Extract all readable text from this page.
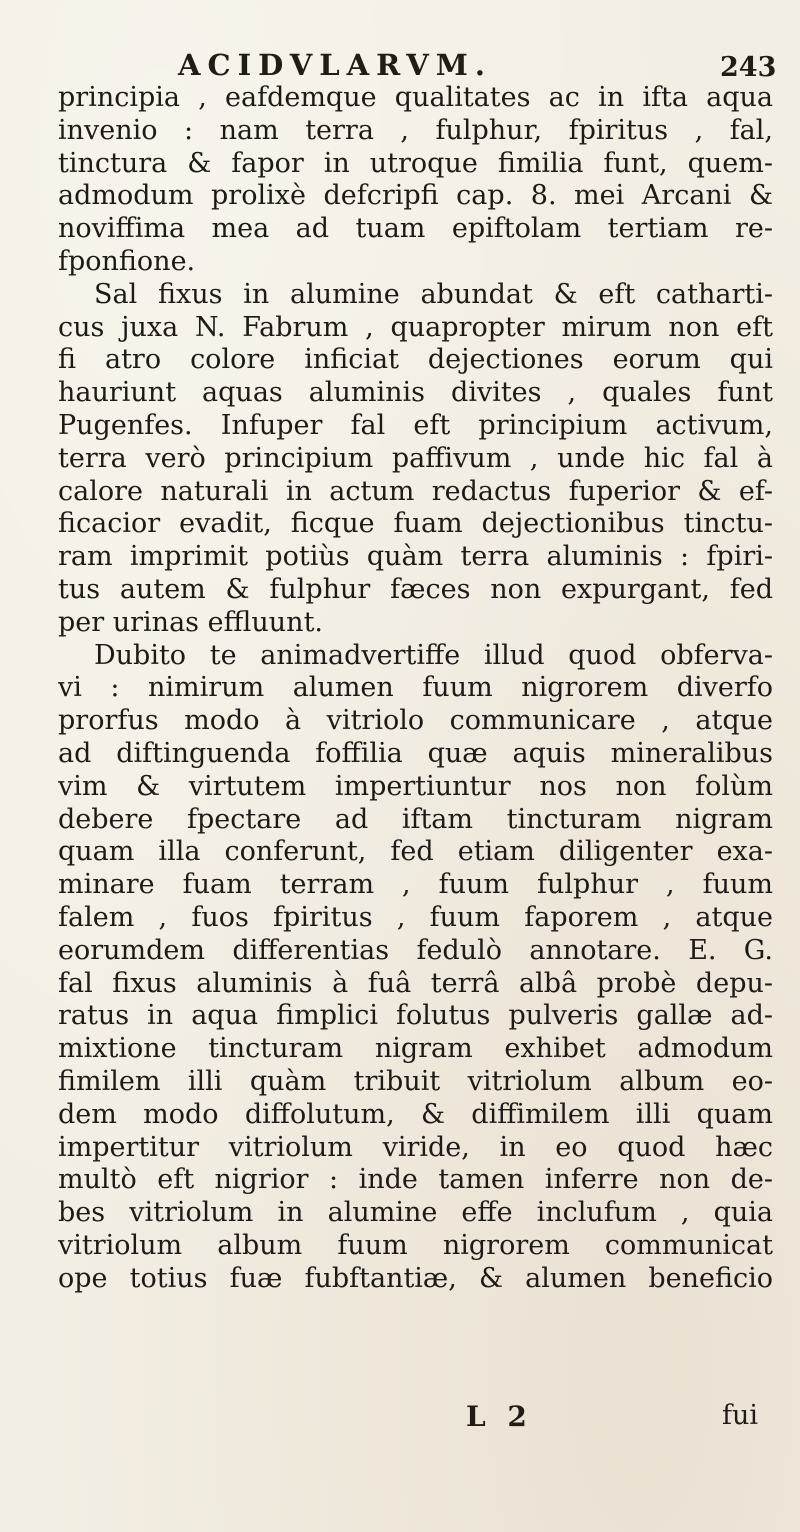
ACIDVLARVM.	243
principia , eafdemque qualitates ac in ifta aqua
invenio : nam terra , fulphur, fpiritus , fal,
tinctura & fapor in utroque fimilia funt, quem-
admodum prolixè defcripfi cap. 8. mei Arcani &
noviffima mea ad tuam epiftolam tertiam re-
fponfione.
Sal fixus in alumine abundat & eft catharti-
cus juxa N. Fabrum , quapropter mirum non eft
fi atro colore inficiat dejectiones eorum qui
hauriunt aquas aluminis divites , quales funt
Pugenfes. Infuper fal eft principium activum,
terra verò principium paffivum , unde hic fal à
calore naturali in actum redactus fuperior & ef-
ficacior evadit, ficque fuam dejectionibus tinctu-
ram imprimit potiùs quàm terra aluminis : fpiri-
tus autem & fulphur fæces non expurgant, fed
per urinas effluunt.
Dubito te animadvertiffe illud quod obferva-
vi : nimirum alumen fuum nigrorem diverfo
prorfus modo à vitriolo communicare , atque
ad diftinguenda foffilia quæ aquis mineralibus
vim & virtutem impertiuntur nos non folùm
debere fpectare ad iftam tincturam nigram
quam illa conferunt, fed etiam diligenter exa-
minare fuam terram , fuum fulphur , fuum
falem , fuos fpiritus , fuum faporem , atque
eorumdem differentias fedulò annotare. E. G.
fal fixus aluminis à fuâ terrâ albâ probè depu-
ratus in aqua fimplici folutus pulveris gallæ ad-
mixtione tincturam nigram exhibet admodum
fimilem illi quàm tribuit vitriolum album eo-
dem modo diffolutum, & diffimilem illi quam
impertitur vitriolum viride, in eo quod hæc
multò eft nigrior : inde tamen inferre non de-
bes vitriolum in alumine effe inclufum , quia
vitriolum album fuum nigrorem communicat
ope totius fuæ fubftantiæ, & alumen beneficio
L 2	fui
